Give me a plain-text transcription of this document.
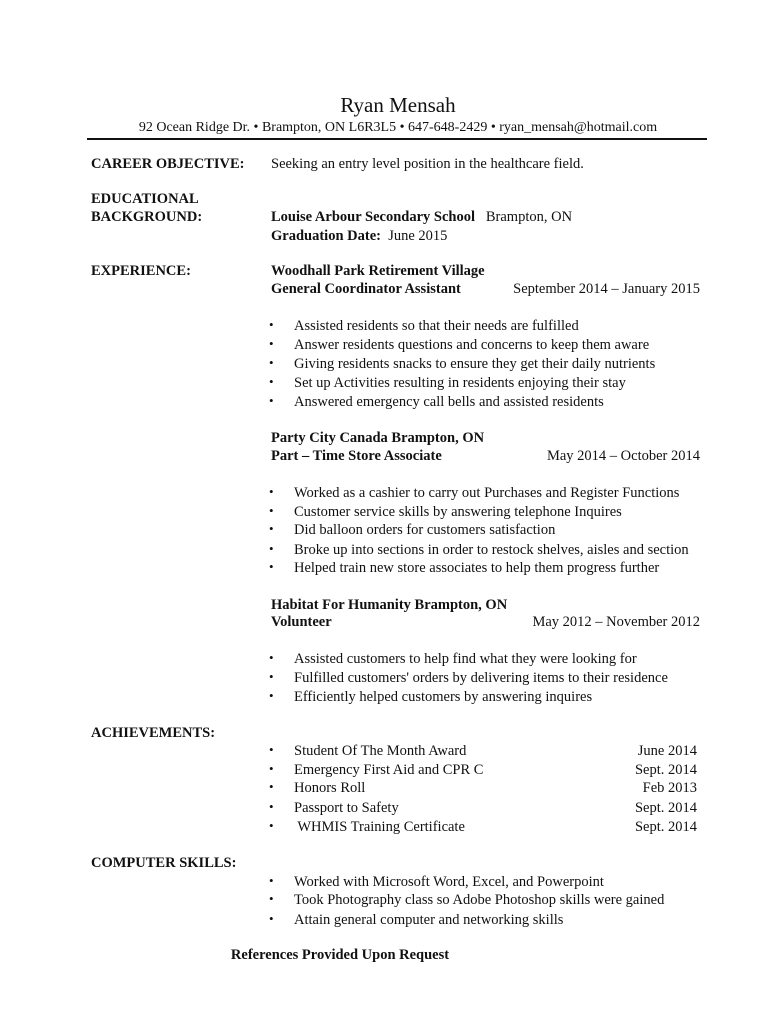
Ryan Mensah
92 Ocean Ridge Dr. • Brampton, ON L6R3L5 • 647-648-2429 • ryan_mensah@hotmail.com
CAREER OBJECTIVE: Seeking an entry level position in the healthcare field.
EDUCATIONAL
BACKGROUND:	Louise Arbour Secondary School Brampton, ON
Graduation Date: June 2015
EXPERIENCE:	Woodhall Park Retirement Village
General Coordinator Assistant	September 2014 – January 2015
• Assisted residents so that their needs are fulfilled
• Answer residents questions and concerns to keep them aware
• Giving residents snacks to ensure they get their daily nutrients
• Set up Activities resulting in residents enjoying their stay
• Answered emergency call bells and assisted residents
Party City Canada Brampton, ON
Part – Time Store Associate	May 2014 – October 2014
• Worked as a cashier to carry out Purchases and Register Functions
• Customer service skills by answering telephone Inquires
• Did balloon orders for customers satisfaction
• Broke up into sections in order to restock shelves, aisles and section
• Helped train new store associates to help them progress further
Habitat For Humanity Brampton, ON
Volunteer	May 2012 – November 2012
• Assisted customers to help find what they were looking for
• Fulfilled customers' orders by delivering items to their residence
• Efficiently helped customers by answering inquires
ACHIEVEMENTS:
• Student Of The Month Award	June 2014
• Emergency First Aid and CPR C	Sept. 2014
• Honors Roll	Feb 2013
• Passport to Safety	Sept. 2014
• WHMIS Training Certificate	Sept. 2014
COMPUTER SKILLS:
• Worked with Microsoft Word, Excel, and Powerpoint
• Took Photography class so Adobe Photoshop skills were gained
• Attain general computer and networking skills
References Provided Upon Request
